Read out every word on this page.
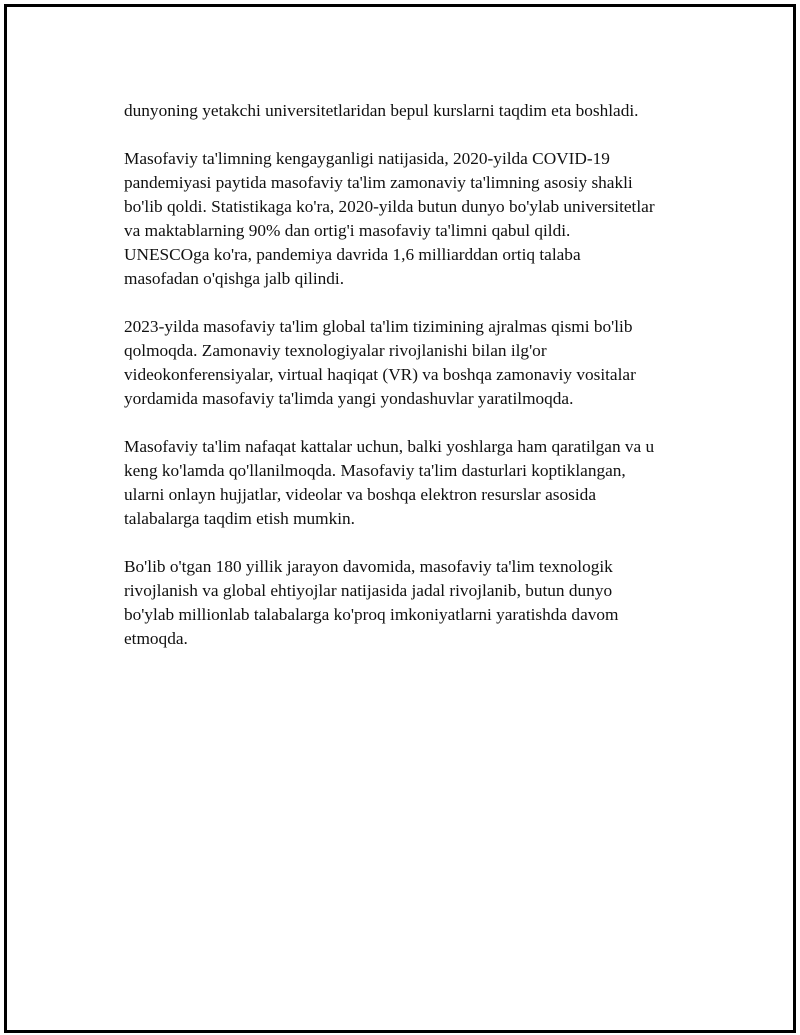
dunyoning yetakchi universitetlaridan bepul kurslarni taqdim eta boshladi.

Masofaviy ta'limning kengayganligi natijasida, 2020-yilda COVID-19
pandemiyasi paytida masofaviy ta'lim zamonaviy ta'limning asosiy shakli
bo'lib qoldi. Statistikaga ko'ra, 2020-yilda butun dunyo bo'ylab universitetlar
va maktablarning 90% dan ortig'i masofaviy ta'limni qabul qildi.
UNESCOga ko'ra, pandemiya davrida 1,6 milliarddan ortiq talaba
masofadan o'qishga jalb qilindi.

2023-yilda masofaviy ta'lim global ta'lim tizimining ajralmas qismi bo'lib
qolmoqda. Zamonaviy texnologiyalar rivojlanishi bilan ilg'or
videokonferensiyalar, virtual haqiqat (VR) va boshqa zamonaviy vositalar
yordamida masofaviy ta'limda yangi yondashuvlar yaratilmoqda.

Masofaviy ta'lim nafaqat kattalar uchun, balki yoshlarga ham qaratilgan va u
keng ko'lamda qo'llanilmoqda. Masofaviy ta'lim dasturlari koptiklangan,
ularni onlayn hujjatlar, videolar va boshqa elektron resurslar asosida
talabalarga taqdim etish mumkin.

Bo'lib o'tgan 180 yillik jarayon davomida, masofaviy ta'lim texnologik
rivojlanish va global ehtiyojlar natijasida jadal rivojlanib, butun dunyo
bo'ylab millionlab talabalarga ko'proq imkoniyatlarni yaratishda davom
etmoqda.
